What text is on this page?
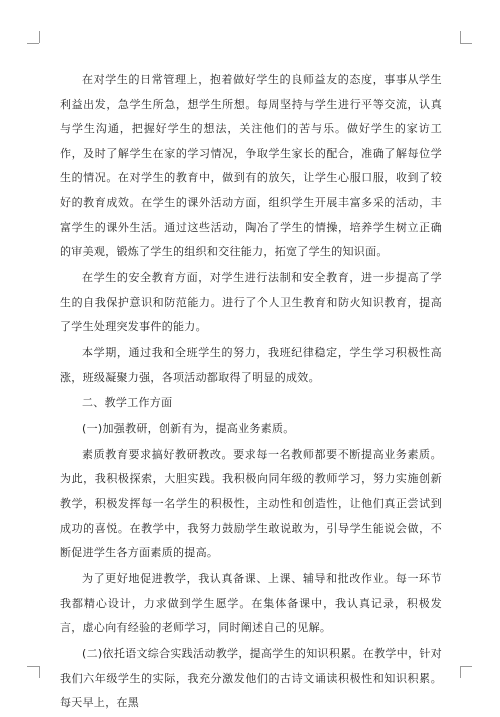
在对学生的日常管理上，抱着做好学生的良师益友的态度，事事从学生利益出发，急学生所急，想学生所想。每周坚持与学生进行平等交流，认真与学生沟通，把握好学生的想法，关注他们的苦与乐。做好学生的家访工作，及时了解学生在家的学习情况，争取学生家长的配合，准确了解每位学生的情况。在对学生的教育中，做到有的放矢，让学生心服口服，收到了较好的教育成效。在学生的课外活动方面，组织学生开展丰富多采的活动，丰富学生的课外生活。通过这些活动，陶冶了学生的情操，培养学生树立正确的审美观，锻炼了学生的组织和交往能力，拓宽了学生的知识面。

在学生的安全教育方面，对学生进行法制和安全教育，进一步提高了学生的自我保护意识和防范能力。进行了个人卫生教育和防火知识教育，提高了学生处理突发事件的能力。

本学期，通过我和全班学生的努力，我班纪律稳定，学生学习积极性高涨，班级凝聚力强，各项活动都取得了明显的成效。

二、教学工作方面

(一)加强教研，创新有为，提高业务素质。

素质教育要求搞好教研教改。要求每一名教师都要不断提高业务素质。为此，我积极探索，大胆实践。我积极向同年级的教师学习，努力实施创新教学，积极发挥每一名学生的积极性，主动性和创造性，让他们真正尝试到成功的喜悦。在教学中，我努力鼓励学生敢说敢为，引导学生能说会做，不断促进学生各方面素质的提高。

为了更好地促进教学，我认真备课、上课、辅导和批改作业。每一环节我都精心设计，力求做到学生愿学。在集体备课中，我认真记录，积极发言，虚心向有经验的老师学习，同时阐述自己的见解。

(二)依托语文综合实践活动教学，提高学生的知识积累。在教学中，针对我们六年级学生的实际，我充分激发他们的古诗文诵读积极性和知识积累。每天早上，在黑
